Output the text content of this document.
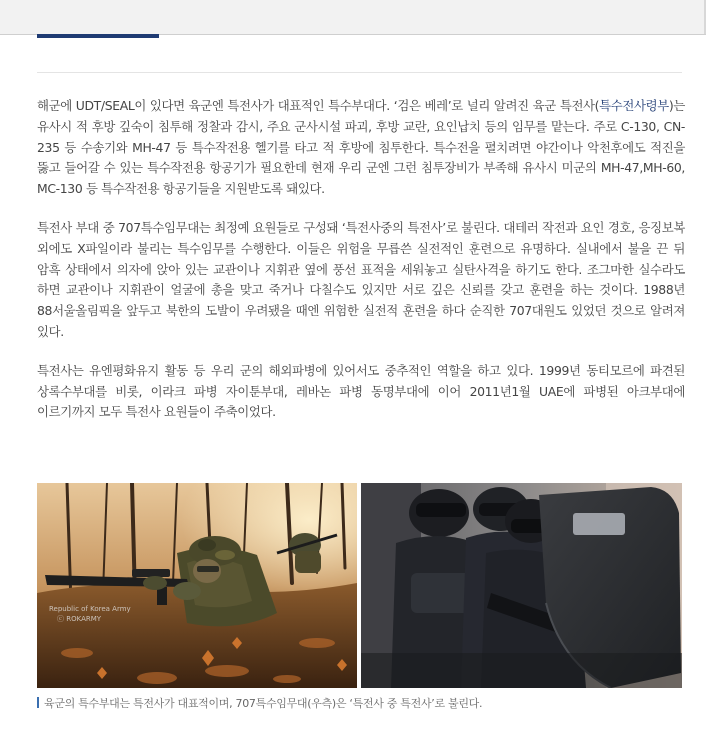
해군에 UDT/SEAL이 있다면 육군엔 특전사가 대표적인 특수부대다. ‘검은 베레’로 널리 알려진 육군 특전사(특수전사령부)는 유사시 적 후방 깊숙이 침투해 정찰과 감시, 주요 군사시설 파괴, 후방 교란, 요인납치 등의 임무를 맡는다. 주로 C-130, CN-235 등 수송기와 MH-47 등 특수작전용 헬기를 타고 적 후방에 침투한다. 특수전을 펼치려면 야간이나 악천후에도 적진을 뚫고 들어갈 수 있는 특수작전용 항공기가 필요한데 현재 우리 군엔 그런 침투장비가 부족해 유사시 미군의 MH-47,MH-60, MC-130 등 특수작전용 항공기들을 지원받도록 돼있다.

특전사 부대 중 707특수임무대는 최정예 요원들로 구성돼 ‘특전사중의 특전사’로 불린다. 대테러 작전과 요인 경호, 응징보복 외에도 X파일이라 불리는 특수임무를 수행한다. 이들은 위험을 무릅쓴 실전적인 훈련으로 유명하다. 실내에서 불을 끈 뒤 암흑 상태에서 의자에 앉아 있는 교관이나 지휘관 옆에 풍선 표적을 세워놓고 실탄사격을 하기도 한다. 조그마한 실수라도 하면 교관이나 지휘관이 얼굴에 총을 맞고 죽거나 다칠수도 있지만 서로 깊은 신뢰를 갖고 훈련을 하는 것이다. 1988년 88서울올림픽을 앞두고 북한의 도발이 우려됐을 때엔 위험한 실전적 훈련을 하다 순직한 707대원도 있었던 것으로 알려져 있다.

특전사는 유엔평화유지 활동 등 우리 군의 해외파병에 있어서도 중추적인 역할을 하고 있다. 1999년 동티모르에 파견된 상록수부대를 비롯, 이라크 파병 자이툰부대, 레바논 파병 동명부대에 이어 2011년1월 UAE에 파병된 아크부대에 이르기까지 모두 특전사 요원들이 주축이었다.

Republic of Korea Army
ⓒ ROKARMY
육군의 특수부대는 특전사가 대표적이며, 707특수임무대(우측)은 ‘특전사 중 특전사’로 불린다.
